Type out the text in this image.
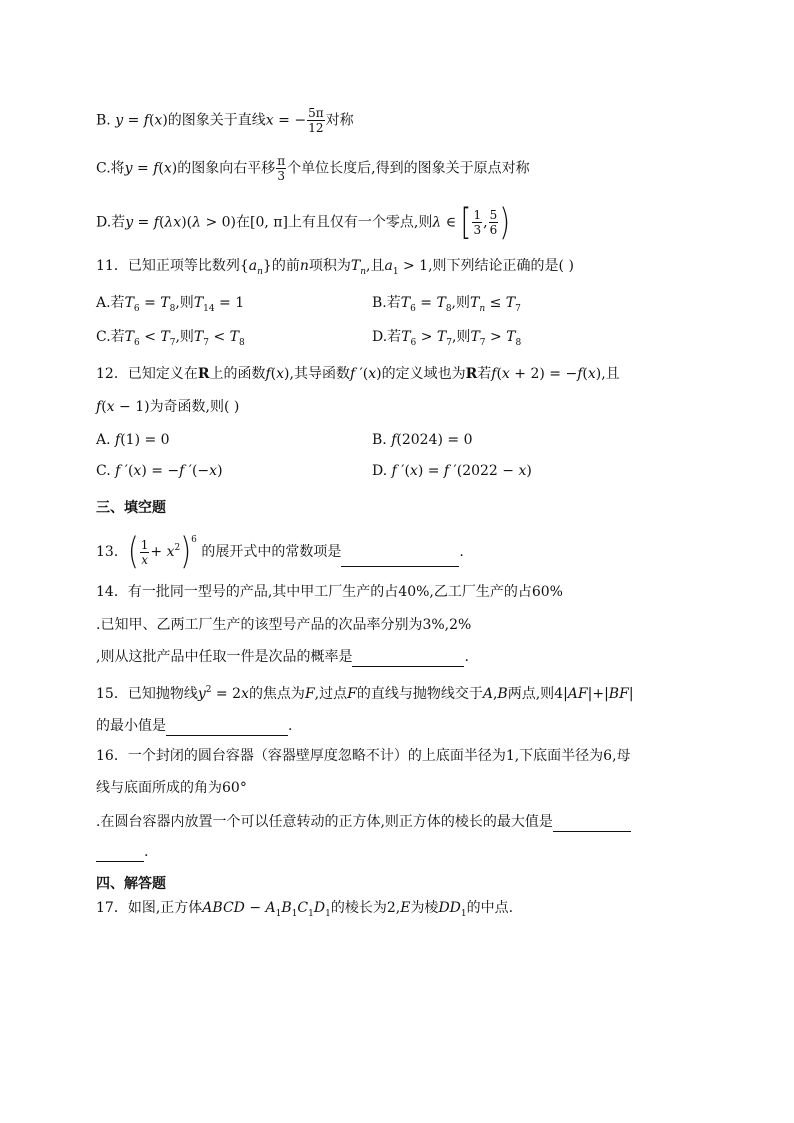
B. y = f(x)的图象关于直线x = − $\frac{5\pi}{12}$ 对称
C.将y = f(x)的图象向右平移 $\frac{\pi}{3}$ 个单位长度后,得到的图象关于原点对称
D.若y = f(λx)(λ > 0)在[0, π]上有且仅有一个零点,则λ ∈ [ $\frac{1}{3}$ , $\frac{5}{6}$ )
11．已知正项等比数列$\{a_n\}$的前n项积为$T_n$,且$a_1 > 1$,则下列结论正确的是( )
A.若$T_6 = T_8$,则$T_{14} = 1$	B.若$T_6 = T_8$,则$T_n \le T_7$
C.若$T_6 < T_7$,则$T_7 < T_8$	D.若$T_6 > T_7$,则$T_7 > T_8$
12．已知定义在R上的函数f(x),其导函数f ′(x)的定义域也为R若f(x + 2) = −f(x),且
f(x − 1)为奇函数,则( )
A. f(1) = 0	B. f(2024) = 0
C. f ′(x) = −f ′(−x)	D. f ′(x) = f ′(2022 − x)
三、填空题
13．( $\frac{1}{x} + x^2)^6$ 的展开式中的常数项是	.
14．有一批同一型号的产品,其中甲工厂生产的占40%,乙工厂生产的占60%
.已知甲、乙两工厂生产的该型号产品的次品率分别为3%,2%
,则从这批产品中任取一件是次品的概率是	.
15．已知抛物线$y^2 = 2x$的焦点为F,过点F的直线与抛物线交于A,B两点,则4|AF|+|BF|
的最小值是	.
16．一个封闭的圆台容器（容器壁厚度忽略不计）的上底面半径为1,下底面半径为6,母
线与底面所成的角为60°
.在圆台容器内放置一个可以任意转动的正方体,则正方体的棱长的最大值是
.
四、解答题
17．如图,正方体ABCD − $A_1B_1C_1D_1$的棱长为2,E为棱$DD_1$的中点.
